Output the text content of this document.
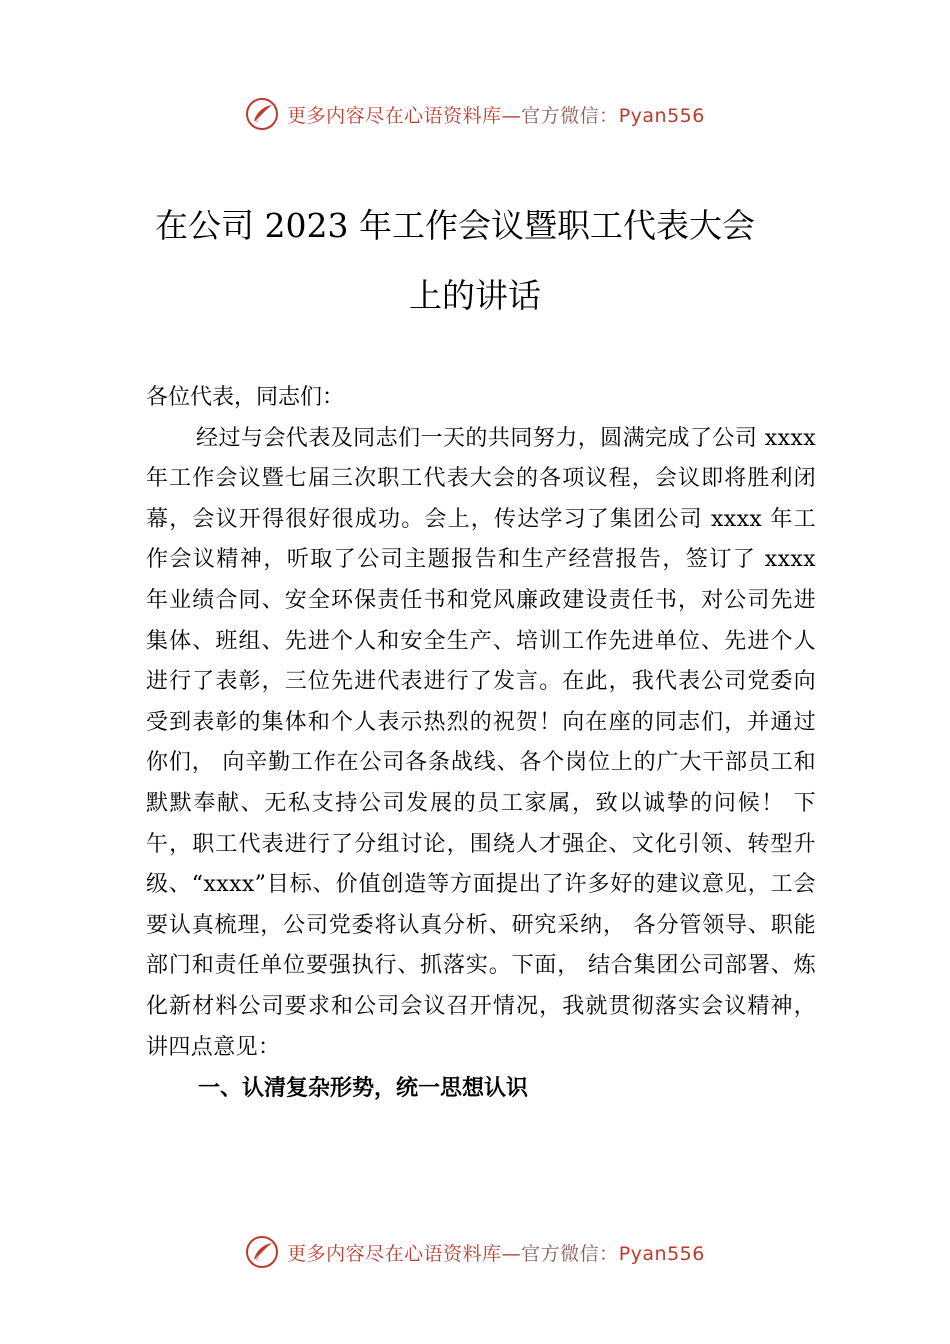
更多内容尽在心语资料库—官方微信：Pyan556
在公司 2023 年工作会议暨职工代表大会
上的讲话

各位代表，同志们：

经过与会代表及同志们一天的共同努力，圆满完成了公司 xxxx 年工作会议暨七届三次职工代表大会的各项议程，会议即将胜利闭幕，会议开得很好很成功。会上，传达学习了集团公司 xxxx 年工作会议精神，听取了公司主题报告和生产经营报告，签订了 xxxx 年业绩合同、安全环保责任书和党风廉政建设责任书，对公司先进集体、班组、先进个人和安全生产、培训工作先进单位、先进个人进行了表彰，三位先进代表进行了发言。在此，我代表公司党委向受到表彰的集体和个人表示热烈的祝贺！向在座的同志们，并通过你们， 向辛勤工作在公司各条战线、各个岗位上的广大干部员工和默默奉献、无私支持公司发展的员工家属，致以诚挚的问候！ 下午，职工代表进行了分组讨论，围绕人才强企、文化引领、转型升级、“xxxx”目标、价值创造等方面提出了许多好的建议意见，工会要认真梳理，公司党委将认真分析、研究采纳， 各分管领导、职能部门和责任单位要强执行、抓落实。下面， 结合集团公司部署、炼化新材料公司要求和公司会议召开情况，我就贯彻落实会议精神，讲四点意见：

一、认清复杂形势，统一思想认识

更多内容尽在心语资料库—官方微信：Pyan556
